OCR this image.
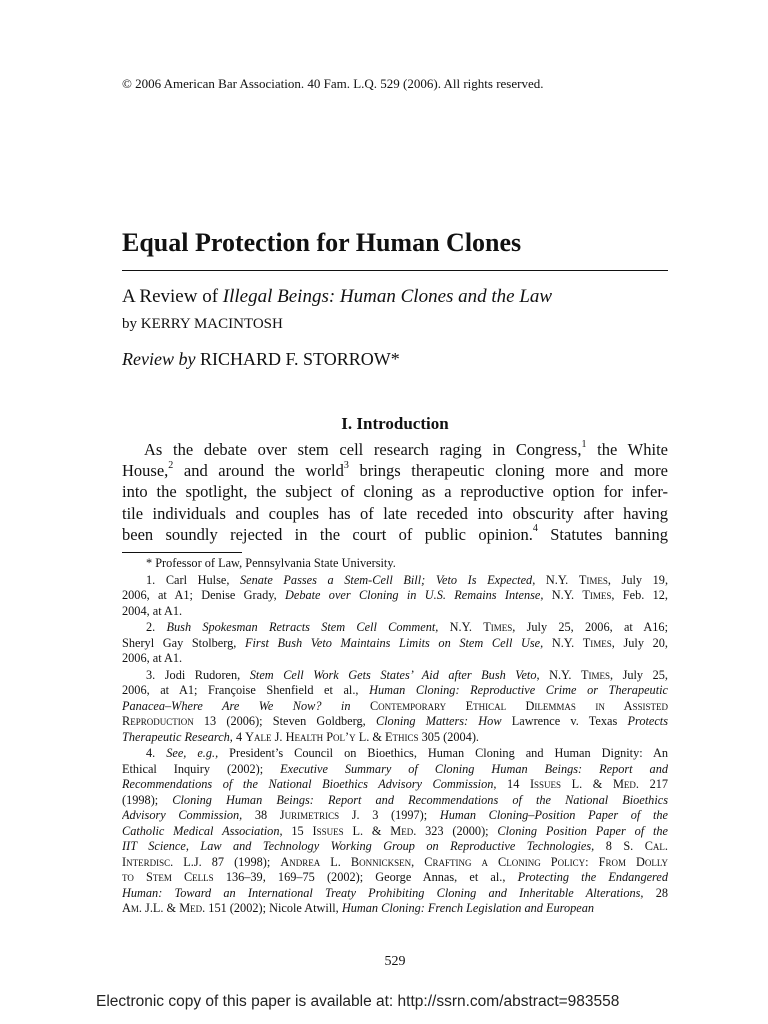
© 2006 American Bar Association. 40 Fam. L.Q. 529 (2006). All rights reserved.
Equal Protection for Human Clones
A Review of Illegal Beings: Human Clones and the Law
by KERRY MACINTOSH
Review by RICHARD F. STORROW*
I. Introduction
As the debate over stem cell research raging in Congress,$^1$ the White
House,$^2$ and around the world$^3$ brings therapeutic cloning more and more
into the spotlight, the subject of cloning as a reproductive option for infer-
tile individuals and couples has of late receded into obscurity after having
been soundly rejected in the court of public opinion.$^4$ Statutes banning
* Professor of Law, Pennsylvania State University.
1. Carl Hulse, Senate Passes a Stem-Cell Bill; Veto Is Expected, N.Y. Times, July 19,
2006, at A1; Denise Grady, Debate over Cloning in U.S. Remains Intense, N.Y. Times, Feb. 12,
2004, at A1.
2. Bush Spokesman Retracts Stem Cell Comment, N.Y. Times, July 25, 2006, at A16;
Sheryl Gay Stolberg, First Bush Veto Maintains Limits on Stem Cell Use, N.Y. Times, July 20,
2006, at A1.
3. Jodi Rudoren, Stem Cell Work Gets States’ Aid after Bush Veto, N.Y. Times, July 25,
2006, at A1; Françoise Shenfield et al., Human Cloning: Reproductive Crime or Therapeutic
Panacea–Where Are We Now? in Contemporary Ethical Dilemmas in Assisted
Reproduction 13 (2006); Steven Goldberg, Cloning Matters: How Lawrence v. Texas Protects
Therapeutic Research, 4 Yale J. Health Pol’y L. & Ethics 305 (2004).
4. See, e.g., President’s Council on Bioethics, Human Cloning and Human Dignity: An
Ethical Inquiry (2002); Executive Summary of Cloning Human Beings: Report and
Recommendations of the National Bioethics Advisory Commission, 14 Issues L. & Med. 217
(1998); Cloning Human Beings: Report and Recommendations of the National Bioethics
Advisory Commission, 38 Jurimetrics J. 3 (1997); Human Cloning–Position Paper of the
Catholic Medical Association, 15 Issues L. & Med. 323 (2000); Cloning Position Paper of the
IIT Science, Law and Technology Working Group on Reproductive Technologies, 8 S. Cal.
Interdisc. L.J. 87 (1998); Andrea L. Bonnicksen, Crafting a Cloning Policy: From Dolly
to Stem Cells 136–39, 169–75 (2002); George Annas, et al., Protecting the Endangered
Human: Toward an International Treaty Prohibiting Cloning and Inheritable Alterations, 28
Am. J.L. & Med. 151 (2002); Nicole Atwill, Human Cloning: French Legislation and European
529
Electronic copy of this paper is available at: http://ssrn.com/abstract=983558
